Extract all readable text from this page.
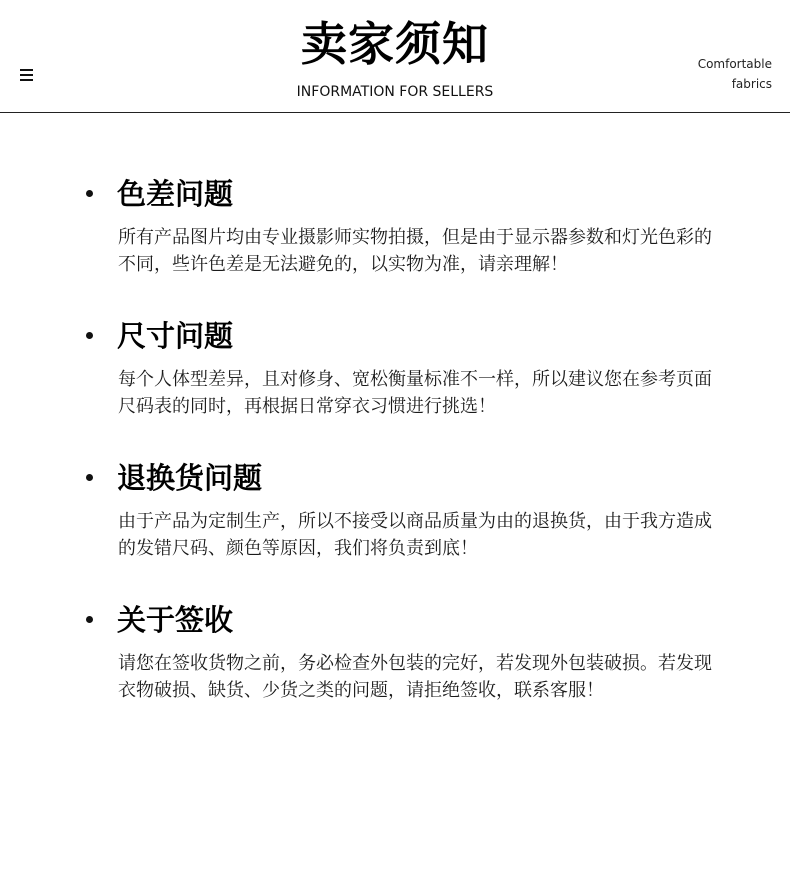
卖家须知
INFORMATION FOR SELLERS
Comfortable
fabrics
色差问题
所有产品图片均由专业摄影师实物拍摄，但是由于显示器参数和灯光色彩的不同，些许色差是无法避免的，以实物为准，请亲理解！
尺寸问题
每个人体型差异，且对修身、宽松衡量标准不一样，所以建议您在参考页面尺码表的同时，再根据日常穿衣习惯进行挑选！
退换货问题
由于产品为定制生产，所以不接受以商品质量为由的退换货，由于我方造成的发错尺码、颜色等原因，我们将负责到底！
关于签收
请您在签收货物之前，务必检查外包装的完好，若发现外包装破损。若发现衣物破损、缺货、少货之类的问题，请拒绝签收，联系客服！
